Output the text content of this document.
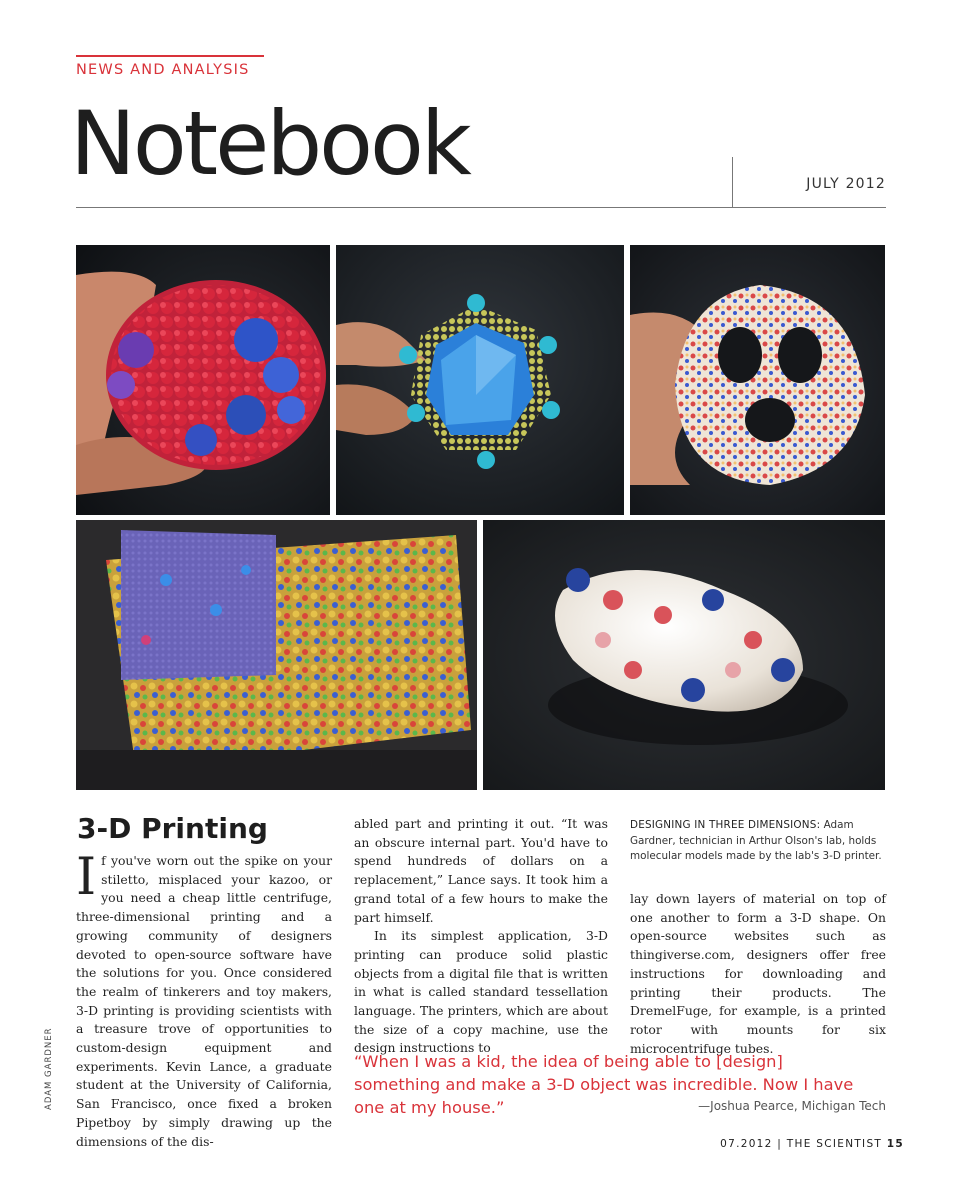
NEWS AND ANALYSIS
Notebook	JULY 2012
3-D Printing

If you've worn out the spike on your stiletto, misplaced your kazoo, or you need a cheap little centrifuge, three-dimensional printing and a growing community of designers devoted to open-source software have the solutions for you. Once considered the realm of tinkerers and toy makers, 3-D printing is providing scientists with a treasure trove of opportunities to custom-design equipment and experiments. Kevin Lance, a graduate student at the University of California, San Francisco, once fixed a broken Pipetboy by simply drawing up the dimensions of the dis-

abled part and printing it out. “It was an obscure internal part. You'd have to spend hundreds of dollars on a replacement,” Lance says. It took him a grand total of a few hours to make the part himself.

In its simplest application, 3-D printing can produce solid plastic objects from a digital file that is written in what is called standard tessellation language. The printers, which are about the size of a copy machine, use the design instructions to

DESIGNING IN THREE DIMENSIONS: Adam Gardner, technician in Arthur Olson's lab, holds molecular models made by the lab's 3-D printer.

lay down layers of material on top of one another to form a 3-D shape. On open-source websites such as thingiverse.com, designers offer free instructions for downloading and printing their products. The DremelFuge, for example, is a printed rotor with mounts for six microcentrifuge tubes.

“When I was a kid, the idea of being able to [design] something and make a 3-D object was incredible. Now I have one at my house.”	—Joshua Pearce, Michigan Tech
ADAM GARDNER
07.2012 | THE SCIENTIST 15
